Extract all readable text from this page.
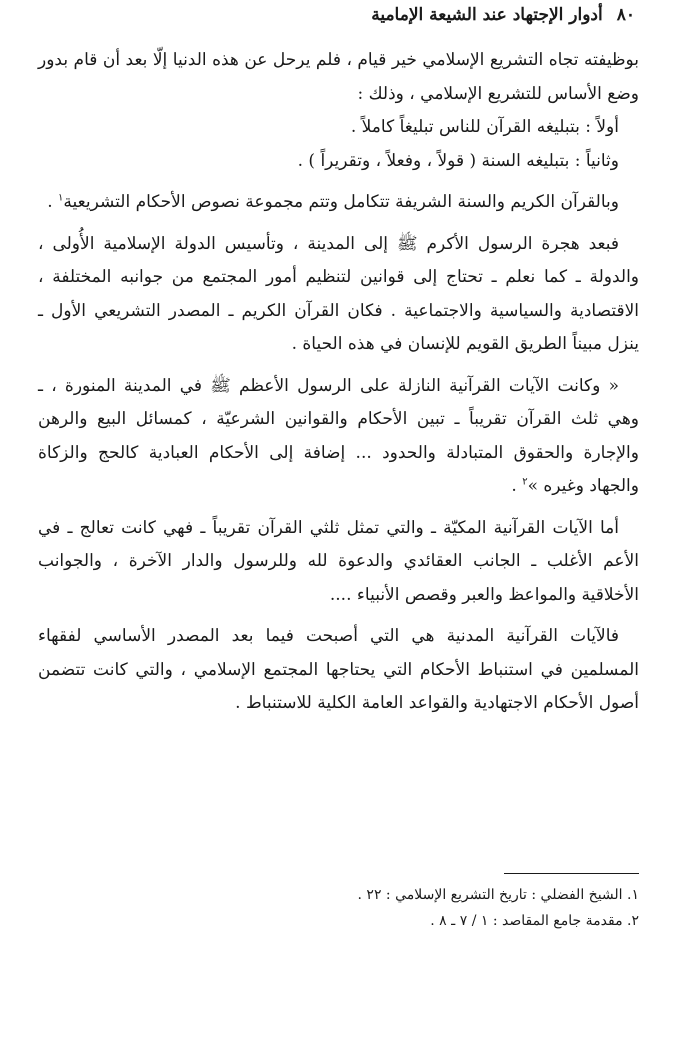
٨٠
أدوار الإجتهاد عند الشيعة الإمامية

بوظيفته تجاه التشريع الإسلامي خير قيام ، فلم يرحل عن هذه الدنيا إلّا بعد أن قام بدور وضع الأساس للتشريع الإسلامي ، وذلك :

أولاً : بتبليغه القرآن للناس تبليغاً كاملاً .

وثانياً : بتبليغه السنة ( قولاً ، وفعلاً ، وتقريراً ) .

وبالقرآن الكريم والسنة الشريفة تتكامل وتتم مجموعة نصوص الأحكام التشريعية$^١$ .

فبعد هجرة الرسول الأكرم ﷺ إلى المدينة ، وتأسيس الدولة الإسلامية الأُولى ، والدولة ـ كما نعلم ـ تحتاج إلى قوانين لتنظيم أمور المجتمع من جوانبه المختلفة ، الاقتصادية والسياسية والاجتماعية . فكان القرآن الكريم ـ المصدر التشريعي الأول ـ ينزل مبيناً الطريق القويم للإنسان في هذه الحياة .

« وكانت الآيات القرآنية النازلة على الرسول الأعظم ﷺ في المدينة المنورة ، ـ وهي ثلث القرآن تقريباً ـ تبين الأحكام والقوانين الشرعيّة ، كمسائل البيع والرهن والإجارة والحقوق المتبادلة والحدود ... إضافة إلى الأحكام العبادية كالحج والزكاة والجهاد وغيره »$^٢$ .

أما الآيات القرآنية المكيّة ـ والتي تمثل ثلثي القرآن تقريباً ـ فهي كانت تعالج ـ في الأعم الأغلب ـ الجانب العقائدي والدعوة لله وللرسول والدار الآخرة ، والجوانب الأخلاقية والمواعظ والعبر وقصص الأنبياء ....

فالآيات القرآنية المدنية هي التي أصبحت فيما بعد المصدر الأساسي لفقهاء المسلمين في استنباط الأحكام التي يحتاجها المجتمع الإسلامي ، والتي كانت تتضمن أصول الأحكام الاجتهادية والقواعد العامة الكلية للاستنباط .

١. الشيخ الفضلي : تاريخ التشريع الإسلامي : ٢٢ .
٢. مقدمة جامع المقاصد : ١ / ٧ ـ ٨ .
